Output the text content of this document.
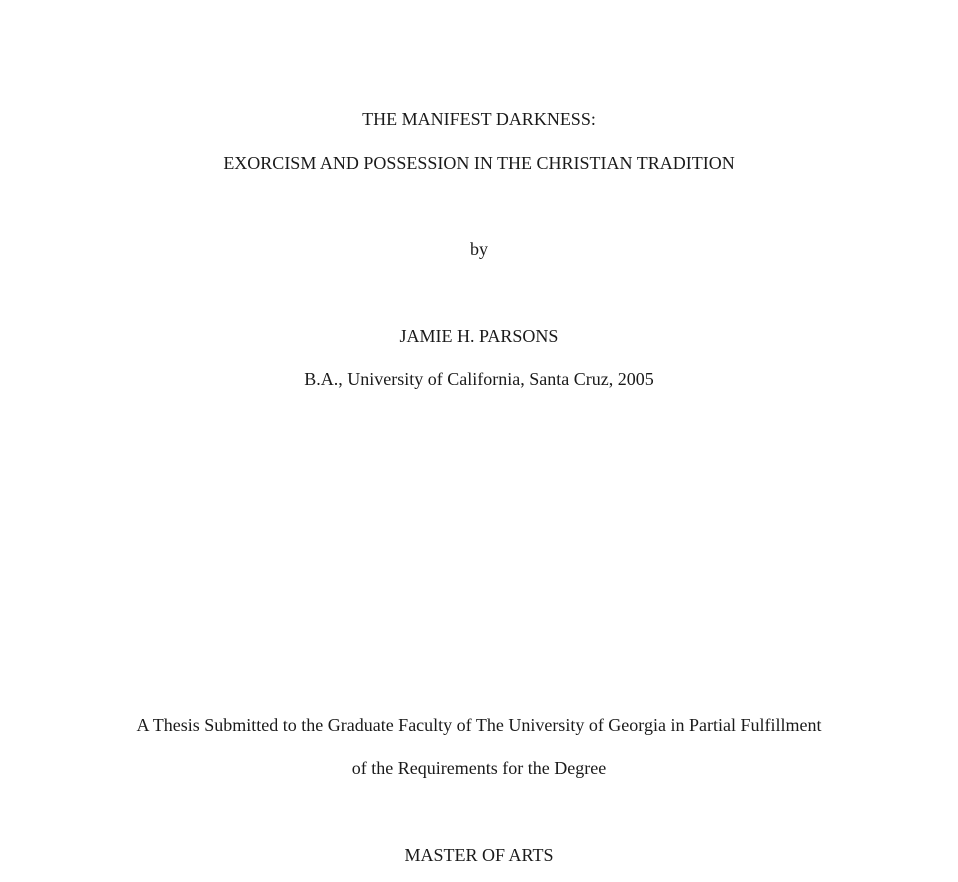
THE MANIFEST DARKNESS:
EXORCISM AND POSSESSION IN THE CHRISTIAN TRADITION
by
JAMIE H. PARSONS
B.A., University of California, Santa Cruz, 2005
A Thesis Submitted to the Graduate Faculty of The University of Georgia in Partial Fulfillment
of the Requirements for the Degree
MASTER OF ARTS
